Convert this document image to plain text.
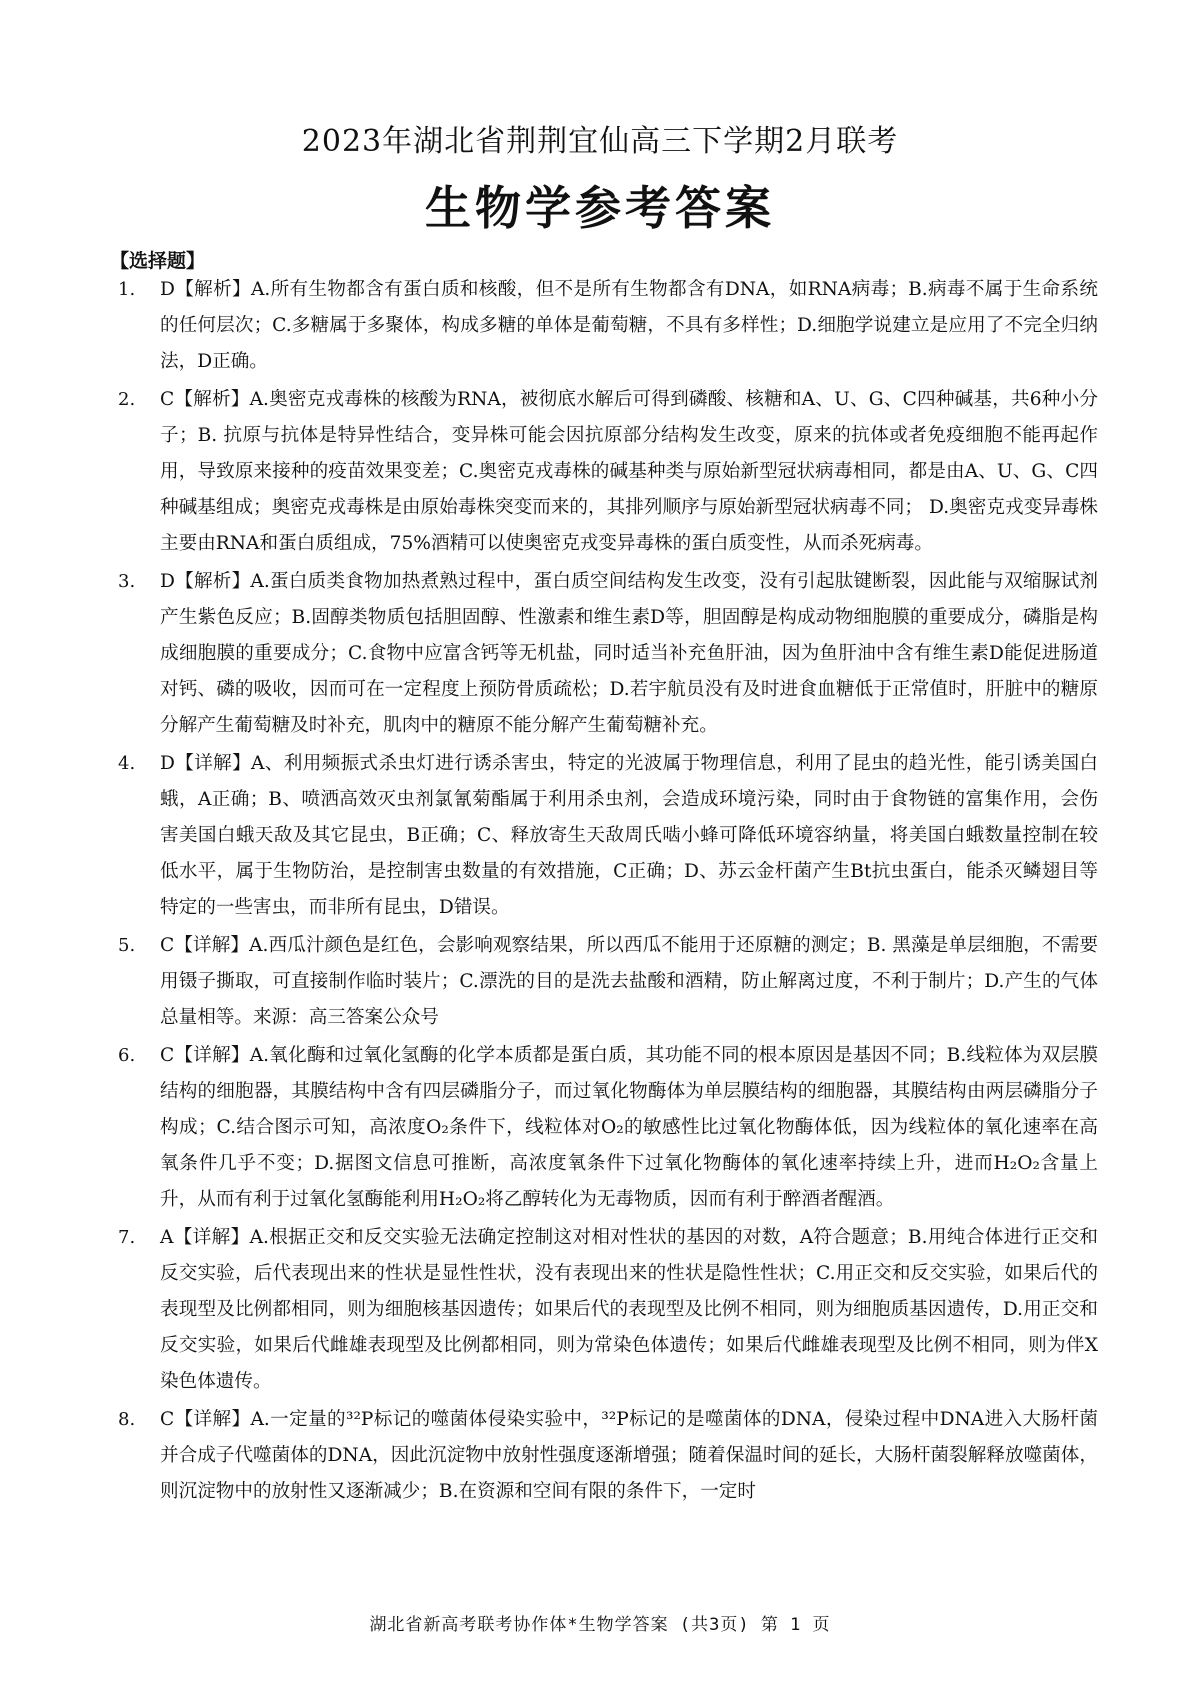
2023年湖北省荆荆宜仙高三下学期2月联考
生物学参考答案
【选择题】
1. D【解析】A.所有生物都含有蛋白质和核酸，但不是所有生物都含有DNA，如RNA病毒；B.病毒不属于生命系统的任何层次；C.多糖属于多聚体，构成多糖的单体是葡萄糖，不具有多样性；D.细胞学说建立是应用了不完全归纳法，D正确。
2. C【解析】A.奥密克戎毒株的核酸为RNA，被彻底水解后可得到磷酸、核糖和A、U、G、C四种碱基，共6种小分子；B. 抗原与抗体是特异性结合，变异株可能会因抗原部分结构发生改变，原来的抗体或者免疫细胞不能再起作用，导致原来接种的疫苗效果变差；C.奥密克戎毒株的碱基种类与原始新型冠状病毒相同，都是由A、U、G、C四种碱基组成；奥密克戎毒株是由原始毒株突变而来的，其排列顺序与原始新型冠状病毒不同； D.奥密克戎变异毒株主要由RNA和蛋白质组成，75%酒精可以使奥密克戎变异毒株的蛋白质变性，从而杀死病毒。
3. D【解析】A.蛋白质类食物加热煮熟过程中，蛋白质空间结构发生改变，没有引起肽键断裂，因此能与双缩脲试剂产生紫色反应；B.固醇类物质包括胆固醇、性激素和维生素D等，胆固醇是构成动物细胞膜的重要成分，磷脂是构成细胞膜的重要成分；C.食物中应富含钙等无机盐，同时适当补充鱼肝油，因为鱼肝油中含有维生素D能促进肠道对钙、磷的吸收，因而可在一定程度上预防骨质疏松；D.若宇航员没有及时进食血糖低于正常值时，肝脏中的糖原分解产生葡萄糖及时补充，肌肉中的糖原不能分解产生葡萄糖补充。
4. D【详解】A、利用频振式杀虫灯进行诱杀害虫，特定的光波属于物理信息，利用了昆虫的趋光性，能引诱美国白蛾，A正确；B、喷洒高效灭虫剂氯氰菊酯属于利用杀虫剂，会造成环境污染，同时由于食物链的富集作用，会伤害美国白蛾天敌及其它昆虫，B正确；C、释放寄生天敌周氏啮小蜂可降低环境容纳量，将美国白蛾数量控制在较低水平，属于生物防治，是控制害虫数量的有效措施，C正确；D、苏云金杆菌产生Bt抗虫蛋白，能杀灭鳞翅目等特定的一些害虫，而非所有昆虫，D错误。
5. C【详解】A.西瓜汁颜色是红色，会影响观察结果，所以西瓜不能用于还原糖的测定；B. 黑藻是单层细胞，不需要用镊子撕取，可直接制作临时装片；C.漂洗的目的是洗去盐酸和酒精，防止解离过度，不利于制片；D.产生的气体总量相等。来源：高三答案公众号
6. C【详解】A.氧化酶和过氧化氢酶的化学本质都是蛋白质，其功能不同的根本原因是基因不同；B.线粒体为双层膜结构的细胞器，其膜结构中含有四层磷脂分子，而过氧化物酶体为单层膜结构的细胞器，其膜结构由两层磷脂分子构成；C.结合图示可知，高浓度O₂条件下，线粒体对O₂的敏感性比过氧化物酶体低，因为线粒体的氧化速率在高氧条件几乎不变；D.据图文信息可推断，高浓度氧条件下过氧化物酶体的氧化速率持续上升，进而H₂O₂含量上升，从而有利于过氧化氢酶能利用H₂O₂将乙醇转化为无毒物质，因而有利于醉酒者醒酒。
7. A【详解】A.根据正交和反交实验无法确定控制这对相对性状的基因的对数，A符合题意；B.用纯合体进行正交和反交实验，后代表现出来的性状是显性性状，没有表现出来的性状是隐性性状；C.用正交和反交实验，如果后代的表现型及比例都相同，则为细胞核基因遗传；如果后代的表现型及比例不相同，则为细胞质基因遗传，D.用正交和反交实验，如果后代雌雄表现型及比例都相同，则为常染色体遗传；如果后代雌雄表现型及比例不相同，则为伴X染色体遗传。
8. C【详解】A.一定量的³²P标记的噬菌体侵染实验中，³²P标记的是噬菌体的DNA，侵染过程中DNA进入大肠杆菌并合成子代噬菌体的DNA，因此沉淀物中放射性强度逐渐增强；随着保温时间的延长，大肠杆菌裂解释放噬菌体，则沉淀物中的放射性又逐渐减少；B.在资源和空间有限的条件下，一定时
湖北省新高考联考协作体*生物学答案 (共3页) 第 1 页
